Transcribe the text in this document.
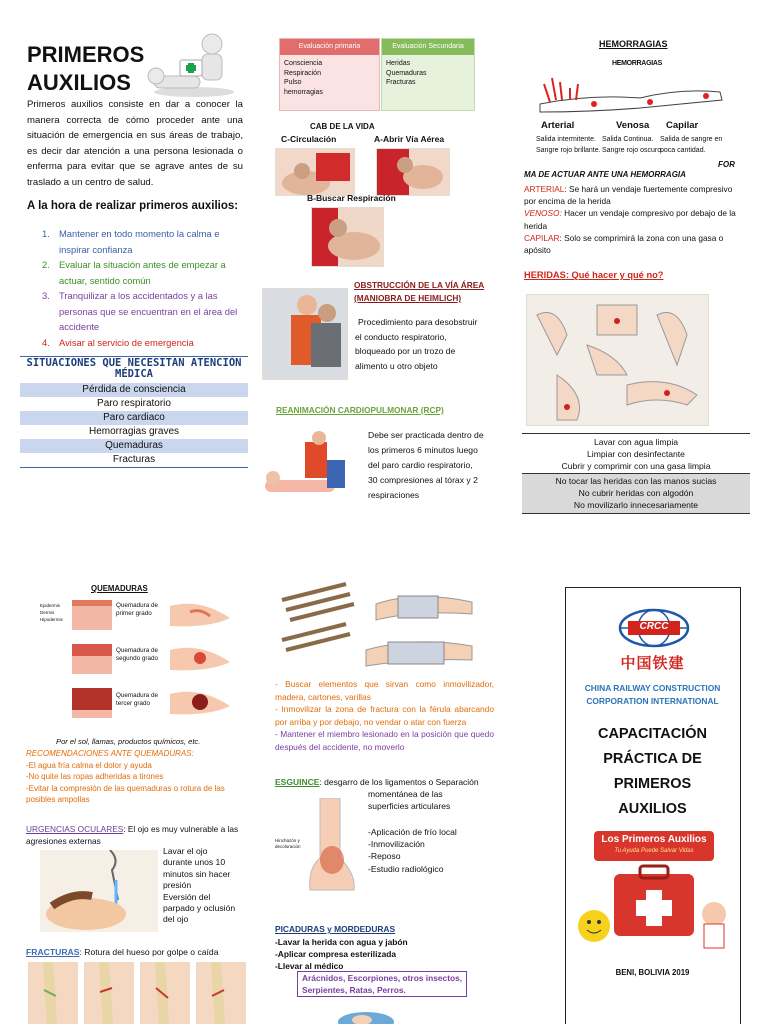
PRIMEROS
AUXILIOS
Primeros auxilios consiste en dar a conocer la manera correcta de cómo proceder ante una situación de emergencia en sus áreas de trabajo, es decir dar atención a una persona lesionada o enferma para evitar que se agrave antes de su traslado a un centro de salud.
A la hora de realizar primeros auxilios:
1. Mantener en todo momento la calma e inspirar confianza
2. Evaluar la situación antes de empezar a actuar, sentido común
3. Tranquilizar a los accidentados y a las personas que se encuentran en el área del accidente
4. Avisar al servicio de emergencia
SITUACIONES QUE NECESITAN ATENCIÓN MÉDICA
Pérdida de consciencia
Paro respiratorio
Paro cardiaco
Hemorragias graves
Quemaduras
Fracturas
Evaluación primaria
Consciencia
Respiración
Pulso
hemorragias
Evaluación Secundaria
Heridas
Quemaduras
Fracturas
CAB DE LA VIDA
C-Circulación	A-Abrir Vía Aérea
B-Buscar Respiración
OBSTRUCCIÓN DE LA VÍA ÁREA
(MANIOBRA DE HEIMLICH)
Procedimiento para desobstruir
el conducto respiratorio,
bloqueado por un trozo de
alimento u otro objeto
REANIMACIÓN CARDIOPULMONAR (RCP)
Debe ser practicada dentro de
los primeros 6 minutos luego
del paro cardio respiratorio,
30 compresiones al tórax y 2
respiraciones
HEMORRAGIAS
HEMORRAGIAS
Arterial
Salida intermitente.
Sangre rojo brillante.
Venosa
Salida Continua.
Sangre rojo oscuro.
Capilar
Salida de sangre en
poca cantidad.
FOR
MA DE ACTUAR ANTE UNA HEMORRAGIA
ARTERIAL: Se hará un vendaje fuertemente compresivo por encima de la herida
VENOSO: Hacer un vendaje compresivo por debajo de la herida
CAPILAR: Solo se comprimirá la zona con una gasa o apósito
HERIDAS: Qué hacer y qué no?
Lavar con agua limpia
Limpiar con desinfectante
Cubrir y comprimir con una gasa limpia
No tocar las heridas con las manos sucias
No cubrir heridas con algodón
No movilizarlo innecesariamente
QUEMADURAS
Epidermis
Dermis
Hipodermis
Quemadura de primer grado
Quemadura de segundo grado
Quemadura de tercer grado
Por el sol, llamas, productos químicos, etc.
RECOMENDACIONES ANTE QUEMADURAS:
-El agua fría calma el dolor y ayuda
-No quite las ropas adheridas a tirones
-Evitar la compresión de las quemaduras o rotura de las posibles ampollas
URGENCIAS OCULARES: El ojo es muy vulnerable a las agresiones externas
Lavar el ojo
durante unos 10
minutos sin hacer
presión
Eversión del
parpado y oclusión
del ojo
FRACTURAS: Rotura del hueso por golpe o caída
- Buscar elementos que sirvan como inmovilizador, madera, cartones, varillas
- Inmovilizar la zona de fractura con la férula abarcando por arriba y por debajo, no vendar o atar con fuerza
- Mantener el miembro lesionado en la posición que quedo después del accidente, no moverlo
ESGUINCE: desgarro de los ligamentos o Separación
momentánea de las
superficies articulares
Hinchazón y decoloración
-Aplicación de frío local
-Inmovilización
-Reposo
-Estudio radiológico
PICADURAS y MORDEDURAS
-Lavar la herida con agua y jabón
-Aplicar compresa esterilizada
-Llevar al médico
Arácnidos, Escorpiones, otros insectos,
Serpientes, Ratas, Perros.
CRCC
中国铁建
CHINA RAILWAY CONSTRUCTION
CORPORATION INTERNATIONAL
CAPACITACIÓN
PRÁCTICA DE
PRIMEROS
AUXILIOS
Los Primeros Auxilios
Tu Ayuda Puede Salvar Vidas
BENI, BOLIVIA 2019
